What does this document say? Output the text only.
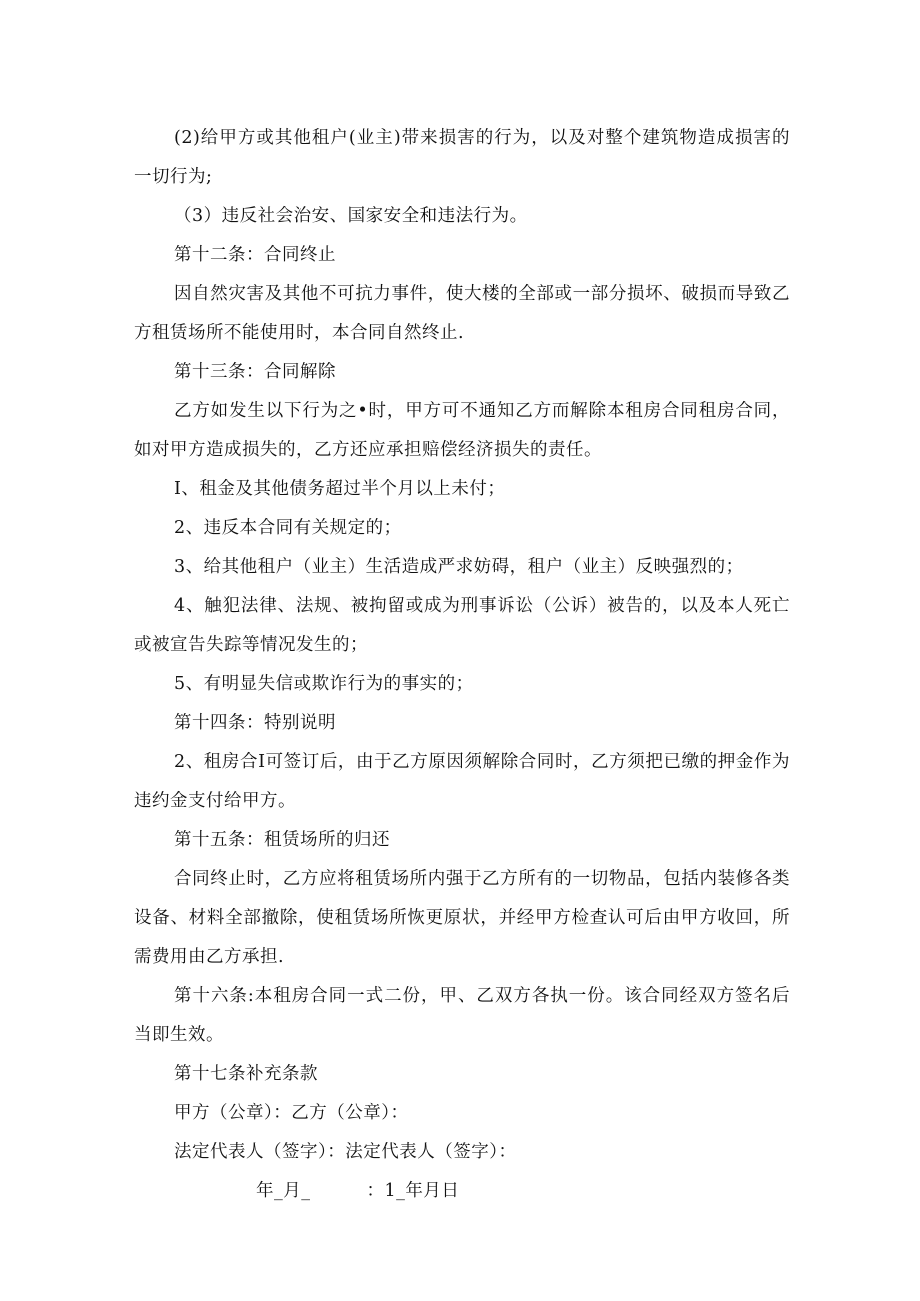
(2)给甲方或其他租户(业主)带来损害的行为，以及对整个建筑物造成损害的一切行为;

（3）违反社会治安、国家安全和违法行为。

第十二条：合同终止

因自然灾害及其他不可抗力事件，使大楼的全部或一部分损坏、破损而导致乙方租赁场所不能使用时，本合同自然终止.

第十三条：合同解除

乙方如发生以下行为之•时，甲方可不通知乙方而解除本租房合同租房合同，如对甲方造成损失的，乙方还应承担赔偿经济损失的责任。

I、租金及其他债务超过半个月以上未付；

2、违反本合同有关规定的；

3、给其他租户（业主）生活造成严求妨碍，租户（业主）反映强烈的；

4、触犯法律、法规、被拘留或成为刑事诉讼（公诉）被告的，以及本人死亡或被宣告失踪等情况发生的；

5、有明显失信或欺诈行为的事实的；

第十四条：特别说明

2、租房合I可签订后，由于乙方原因须解除合同时，乙方须把已缴的押金作为违约金支付给甲方。

第十五条：租赁场所的归还

合同终止时，乙方应将租赁场所内强于乙方所有的一切物品，包括内装修各类设备、材料全部撤除，使租赁场所恢更原状，并经甲方检查认可后由甲方收回，所需费用由乙方承担.

第十六条:本租房合同一式二份，甲、乙双方各执一份。该合同经双方签名后当即生效。

第十七条补充条款

甲方（公章）：乙方（公章）：

法定代表人（签字）：法定代表人（签字）：

年_月_	：1_年月日
